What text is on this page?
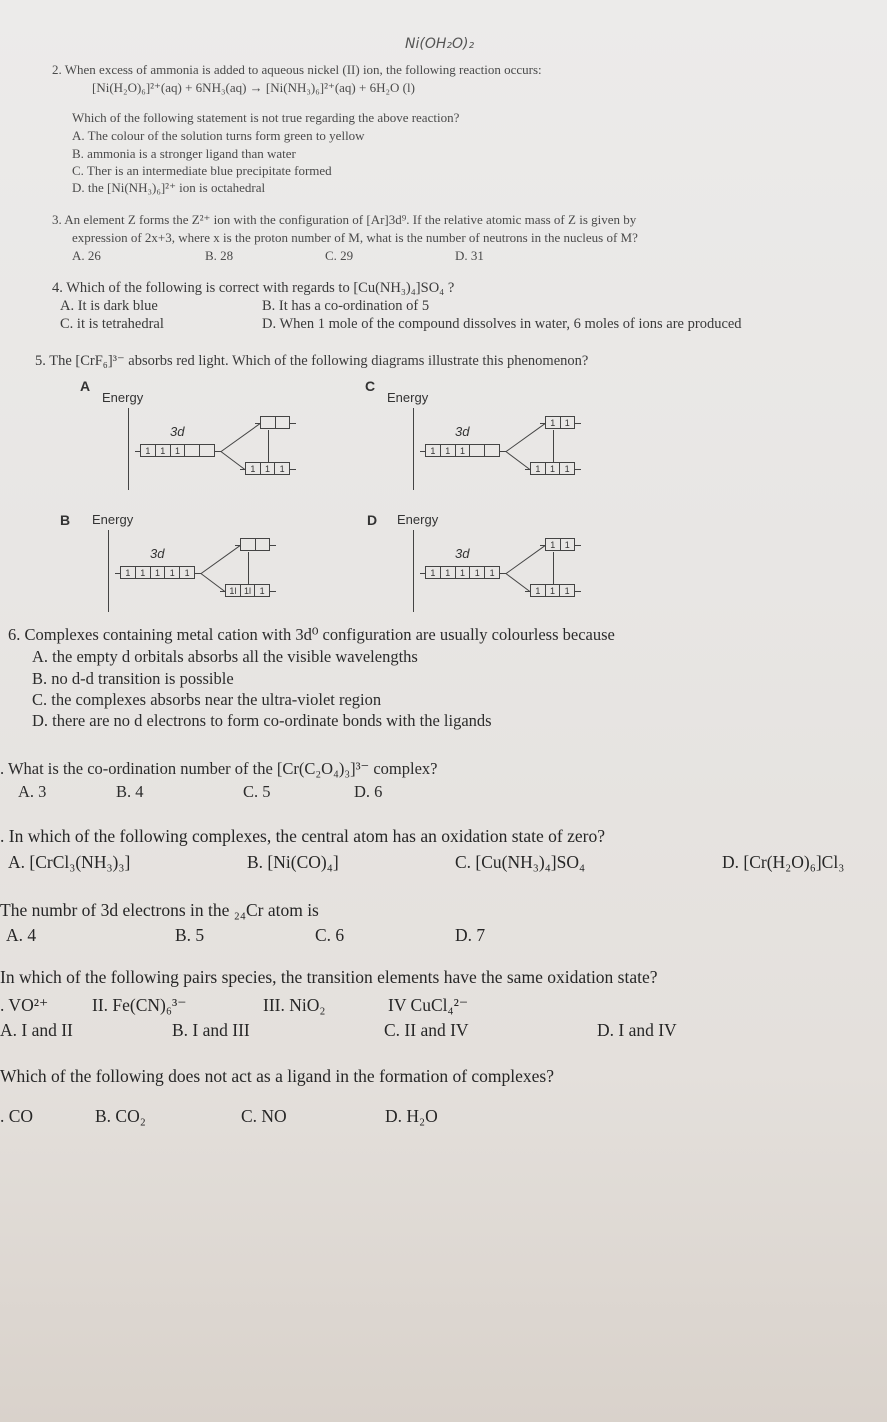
Ni(OH₂O)₂
2. When excess of ammonia is added to aqueous nickel (II) ion, the following reaction occurs:
[Ni(H₂O)₆]²⁺(aq) + 6NH₃(aq) → [Ni(NH₃)₆]²⁺(aq) + 6H₂O (l)
Which of the following statement is not true regarding the above reaction?
A. The colour of the solution turns form green to yellow
B. ammonia is a stronger ligand than water
C. Ther is an intermediate blue precipitate formed
D. the [Ni(NH₃)₆]²⁺ ion is octahedral
3. An element Z forms the Z²⁺ ion with the configuration of [Ar]3d⁹. If the relative atomic mass of Z is given by
expression of 2x+3, where x is the proton number of M, what is the number of neutrons in the nucleus of M?
A. 26	B. 28	C. 29	D. 31
4. Which of the following is correct with regards to [Cu(NH₃)₄]SO₄ ?
A. It is dark blue	B. It has a co-ordination of 5
C. it is tetrahedral	D. When 1 mole of the compound dissolves in water, 6 moles of ions are produced
5. The [CrF₆]³⁻ absorbs red light. Which of the following diagrams illustrate this phenomenon?
A
Energy
3d
1	1	1
1	1	1
C
Energy
3d
1	1	1
1	1
1	1	1
B Energy
3d
1	1	1	1	1
1l 1l 1
D Energy
3d
1	1	1	1	1
1	1
1	1	1
6. Complexes containing metal cation with 3d⁰ configuration are usually colourless because
A. the empty d orbitals absorbs all the visible wavelengths
B. no d-d transition is possible
C. the complexes absorbs near the ultra-violet region
D. there are no d electrons to form co-ordinate bonds with the ligands
. What is the co-ordination number of the [Cr(C₂O₄)₃]³⁻ complex?
A. 3	B. 4	C. 5	D. 6
. In which of the following complexes, the central atom has an oxidation state of zero?
A. [CrCl₃(NH₃)₃]	B. [Ni(CO)₄]	C. [Cu(NH₃)₄]SO₄	D. [Cr(H₂O)₆]Cl₃
The numbr of 3d electrons in the ₂₄Cr atom is
A. 4	B. 5	C. 6	D. 7
In which of the following pairs species, the transition elements have the same oxidation state?
. VO²⁺	II. Fe(CN)₆³⁻	III. NiO₂	IV CuCl₄²⁻
A. I and II	B. I and III	C. II and IV	D. I and IV
Which of the following does not act as a ligand in the formation of complexes?
. CO	B. CO₂	C. NO	D. H₂O
